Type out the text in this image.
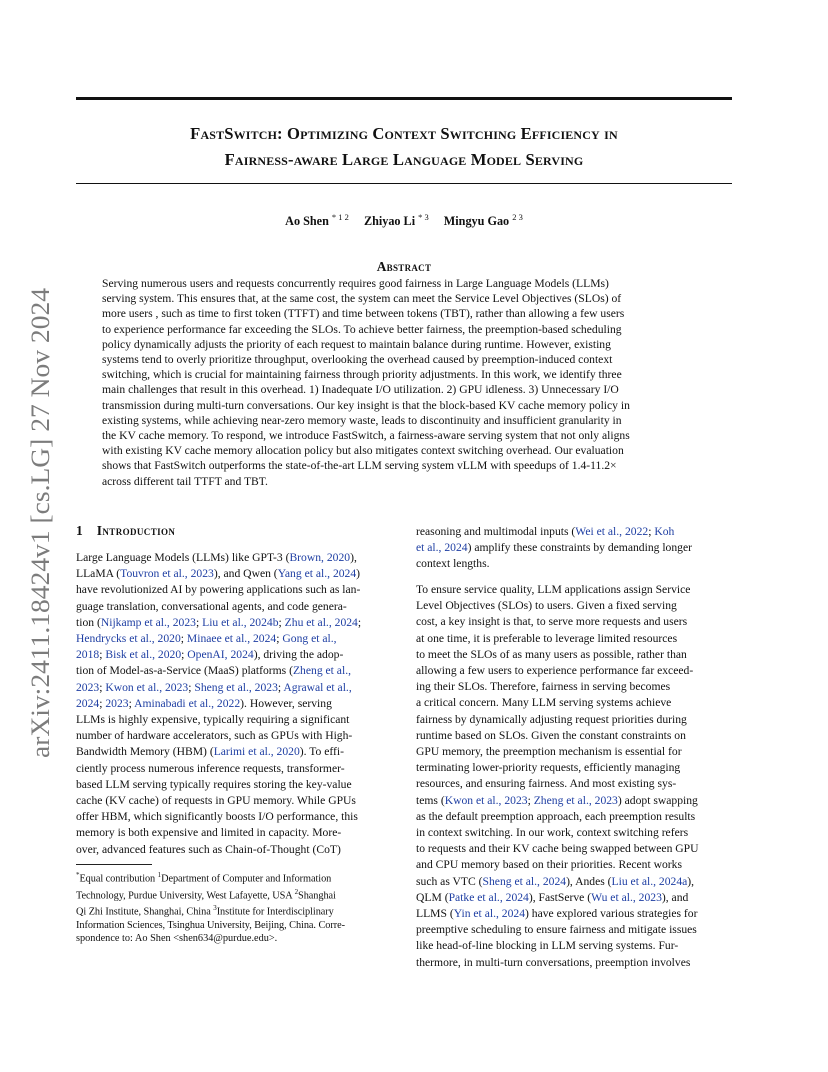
arXiv:2411.18424v1 [cs.LG] 27 Nov 2024
FastSwitch: Optimizing Context Switching Efficiency in
Fairness-aware Large Language Model Serving
Ao Shen $^{* 1 2}$ Zhiyao Li $^{* 3}$ Mingyu Gao $^{2 3}$
Abstract
Serving numerous users and requests concurrently requires good fairness in Large Language Models (LLMs)
serving system. This ensures that, at the same cost, the system can meet the Service Level Objectives (SLOs) of
more users , such as time to first token (TTFT) and time between tokens (TBT), rather than allowing a few users
to experience performance far exceeding the SLOs. To achieve better fairness, the preemption-based scheduling
policy dynamically adjusts the priority of each request to maintain balance during runtime. However, existing
systems tend to overly prioritize throughput, overlooking the overhead caused by preemption-induced context
switching, which is crucial for maintaining fairness through priority adjustments. In this work, we identify three
main challenges that result in this overhead. 1) Inadequate I/O utilization. 2) GPU idleness. 3) Unnecessary I/O
transmission during multi-turn conversations. Our key insight is that the block-based KV cache memory policy in
existing systems, while achieving near-zero memory waste, leads to discontinuity and insufficient granularity in
the KV cache memory. To respond, we introduce FastSwitch, a fairness-aware serving system that not only aligns
with existing KV cache memory allocation policy but also mitigates context switching overhead. Our evaluation
shows that FastSwitch outperforms the state-of-the-art LLM serving system vLLM with speedups of 1.4-11.2×
across different tail TTFT and TBT.
1 Introduction
Large Language Models (LLMs) like GPT-3 (Brown, 2020),
LLaMA (Touvron et al., 2023), and Qwen (Yang et al., 2024)
have revolutionized AI by powering applications such as lan-
guage translation, conversational agents, and code genera-
tion (Nijkamp et al., 2023; Liu et al., 2024b; Zhu et al., 2024;
Hendrycks et al., 2020; Minaee et al., 2024; Gong et al.,
2018; Bisk et al., 2020; OpenAI, 2024), driving the adop-
tion of Model-as-a-Service (MaaS) platforms (Zheng et al.,
2023; Kwon et al., 2023; Sheng et al., 2023; Agrawal et al.,
2024; 2023; Aminabadi et al., 2022). However, serving
LLMs is highly expensive, typically requiring a significant
number of hardware accelerators, such as GPUs with High-
Bandwidth Memory (HBM) (Larimi et al., 2020). To effi-
ciently process numerous inference requests, transformer-
based LLM serving typically requires storing the key-value
cache (KV cache) of requests in GPU memory. While GPUs
offer HBM, which significantly boosts I/O performance, this
memory is both expensive and limited in capacity. More-
over, advanced features such as Chain-of-Thought (CoT)
reasoning and multimodal inputs (Wei et al., 2022; Koh
et al., 2024) amplify these constraints by demanding longer
context lengths.
To ensure service quality, LLM applications assign Service
Level Objectives (SLOs) to users. Given a fixed serving
cost, a key insight is that, to serve more requests and users
at one time, it is preferable to leverage limited resources
to meet the SLOs of as many users as possible, rather than
allowing a few users to experience performance far exceed-
ing their SLOs. Therefore, fairness in serving becomes
a critical concern. Many LLM serving systems achieve
fairness by dynamically adjusting request priorities during
runtime based on SLOs. Given the constant constraints on
GPU memory, the preemption mechanism is essential for
terminating lower-priority requests, efficiently managing
resources, and ensuring fairness. And most existing sys-
tems (Kwon et al., 2023; Zheng et al., 2023) adopt swapping
as the default preemption approach, each preemption results
in context switching. In our work, context switching refers
to requests and their KV cache being swapped between GPU
and CPU memory based on their priorities. Recent works
such as VTC (Sheng et al., 2024), Andes (Liu et al., 2024a),
QLM (Patke et al., 2024), FastServe (Wu et al., 2023), and
LLMS (Yin et al., 2024) have explored various strategies for
preemptive scheduling to ensure fairness and mitigate issues
like head-of-line blocking in LLM serving systems. Fur-
thermore, in multi-turn conversations, preemption involves
*Equal contribution $^1$Department of Computer and Information
Technology, Purdue University, West Lafayette, USA $^2$Shanghai
Qi Zhi Institute, Shanghai, China $^3$Institute for Interdisciplinary
Information Sciences, Tsinghua University, Beijing, China. Corre-
spondence to: Ao Shen <shen634@purdue.edu>.
